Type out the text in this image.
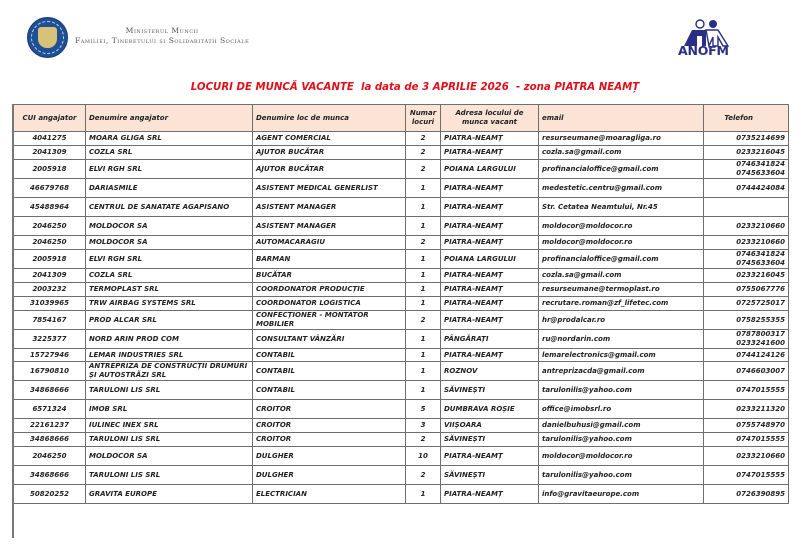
Ministerul Muncii
Familiei, Tineretului și Solidarității Sociale
ANOFM
LOCURI DE MUNCĂ VACANTE  la data de 3 APRILIE 2026  - zona PIATRA NEAMȚ
CUI angajator	Denumire angajator	Denumire loc de munca	Numar locuri	Adresa locului de munca vacant	email	Telefon

4041275	MOARA GLIGA SRL	AGENT COMERCIAL	2	PIATRA-NEAMȚ	resurseumane@moaragliga.ro	0735214699

2041309	COZLA SRL	AJUTOR BUCĂTAR	2	PIATRA-NEAMȚ	cozla.sa@gmail.com	0233216045

2005918	ELVI RGH SRL	AJUTOR BUCĂTAR	2	POIANA LARGULUI	profinancialoffice@gmail.com	0746341824
0745633604

46679768	DARIASMILE	ASISTENT MEDICAL GENERLIST	1	PIATRA-NEAMȚ	medestetic.centru@gmail.com	0744424084

45488964	CENTRUL DE SANATATE AGAPISANO	ASISTENT MANAGER	1	PIATRA-NEAMȚ	Str. Cetatea Neamtului, Nr.45	

2046250	MOLDOCOR SA	ASISTENT MANAGER	1	PIATRA-NEAMȚ	moldocor@moldocor.ro	0233210660

2046250	MOLDOCOR SA	AUTOMACARAGIU	2	PIATRA-NEAMȚ	moldocor@moldocor.ro	0233210660

2005918	ELVI RGH SRL	BARMAN	1	POIANA LARGULUI	profinancialoffice@gmail.com	0746341824
0745633604

2041309	COZLA SRL	BUCĂTAR	1	PIATRA-NEAMȚ	cozla.sa@gmail.com	0233216045

2003232	TERMOPLAST SRL	COORDONATOR PRODUCȚIE	1	PIATRA-NEAMȚ	resurseumane@termoplast.ro	0755067776

31039965	TRW AIRBAG SYSTEMS SRL	COORDONATOR LOGISTICA	1	PIATRA-NEAMȚ	recrutare.roman@zf_lifetec.com	0725725017

7854167	PROD ALCAR SRL	CONFECȚIONER - MONTATOR MOBILIER	2	PIATRA-NEAMȚ	hr@prodalcar.ro	0758255355

3225377	NORD ARIN PROD COM	CONSULTANT VÂNZĂRI	1	PÂNGĂRAȚI	ru@nordarin.com	0787800317
0233241600

15727946	LEMAR INDUSTRIES SRL	CONTABIL	1	PIATRA-NEAMȚ	lemarelectronics@gmail.com	0744124126

16790810	ANTREPRIZA DE CONSTRUCȚII DRUMURI ȘI AUTOSTRĂZI SRL	CONTABIL	1	ROZNOV	antreprizacda@gmail.com	0746603007

34868666	TARULONI LIS SRL	CONTABIL	1	SĂVINEȘTI	tarulonilis@yahoo.com	0747015555

6571324	IMOB SRL	CROITOR	5	DUMBRAVA ROȘIE	office@imobsrl.ro	0233211320

22161237	IULINEC INEX SRL	CROITOR	3	VIIȘOARA	danielbuhusi@gmail.com	0755748970

34868666	TARULONI LIS SRL	CROITOR	2	SĂVINEȘTI	tarulonilis@yahoo.com	0747015555

2046250	MOLDOCOR SA	DULGHER	10	PIATRA-NEAMȚ	moldocor@moldocor.ro	0233210660

34868666	TARULONI LIS SRL	DULGHER	2	SĂVINEȘTI	tarulonilis@yahoo.com	0747015555

50820252	GRAVITA EUROPE	ELECTRICIAN	1	PIATRA-NEAMȚ	info@gravitaeurope.com	0726390895
